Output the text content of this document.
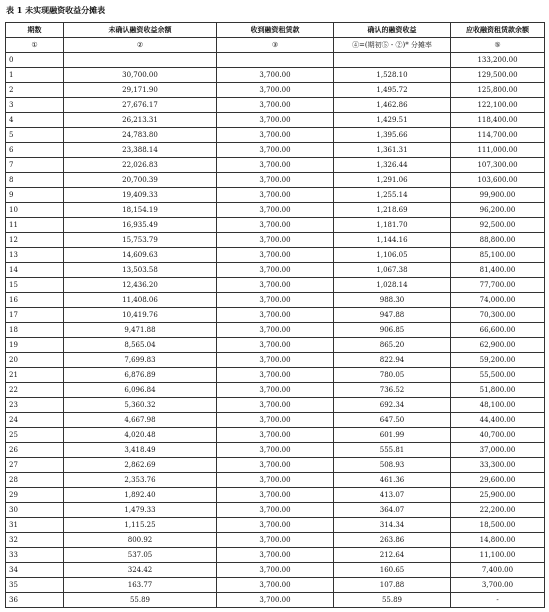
表 1 未实现融资收益分摊表
期数	未确认融资收益余额	收到融资租赁款	确认的融资收益	应收融资租赁款余额
①	②	③	④=(期初⑤ - ②)* 分摊率	⑤
0				133,200.00
1	30,700.00	3,700.00	1,528.10	129,500.00
2	29,171.90	3,700.00	1,495.72	125,800.00
3	27,676.17	3,700.00	1,462.86	122,100.00
4	26,213.31	3,700.00	1,429.51	118,400.00
5	24,783.80	3,700.00	1,395.66	114,700.00
6	23,388.14	3,700.00	1,361.31	111,000.00
7	22,026.83	3,700.00	1,326.44	107,300.00
8	20,700.39	3,700.00	1,291.06	103,600.00
9	19,409.33	3,700.00	1,255.14	99,900.00
10	18,154.19	3,700.00	1,218.69	96,200.00
11	16,935.49	3,700.00	1,181.70	92,500.00
12	15,753.79	3,700.00	1,144.16	88,800.00
13	14,609.63	3,700.00	1,106.05	85,100.00
14	13,503.58	3,700.00	1,067.38	81,400.00
15	12,436.20	3,700.00	1,028.14	77,700.00
16	11,408.06	3,700.00	988.30	74,000.00
17	10,419.76	3,700.00	947.88	70,300.00
18	9,471.88	3,700.00	906.85	66,600.00
19	8,565.04	3,700.00	865.20	62,900.00
20	7,699.83	3,700.00	822.94	59,200.00
21	6,876.89	3,700.00	780.05	55,500.00
22	6,096.84	3,700.00	736.52	51,800.00
23	5,360.32	3,700.00	692.34	48,100.00
24	4,667.98	3,700.00	647.50	44,400.00
25	4,020.48	3,700.00	601.99	40,700.00
26	3,418.49	3,700.00	555.81	37,000.00
27	2,862.69	3,700.00	508.93	33,300.00
28	2,353.76	3,700.00	461.36	29,600.00
29	1,892.40	3,700.00	413.07	25,900.00
30	1,479.33	3,700.00	364.07	22,200.00
31	1,115.25	3,700.00	314.34	18,500.00
32	800.92	3,700.00	263.86	14,800.00
33	537.05	3,700.00	212.64	11,100.00
34	324.42	3,700.00	160.65	7,400.00
35	163.77	3,700.00	107.88	3,700.00
36	55.89	3,700.00	55.89	-
